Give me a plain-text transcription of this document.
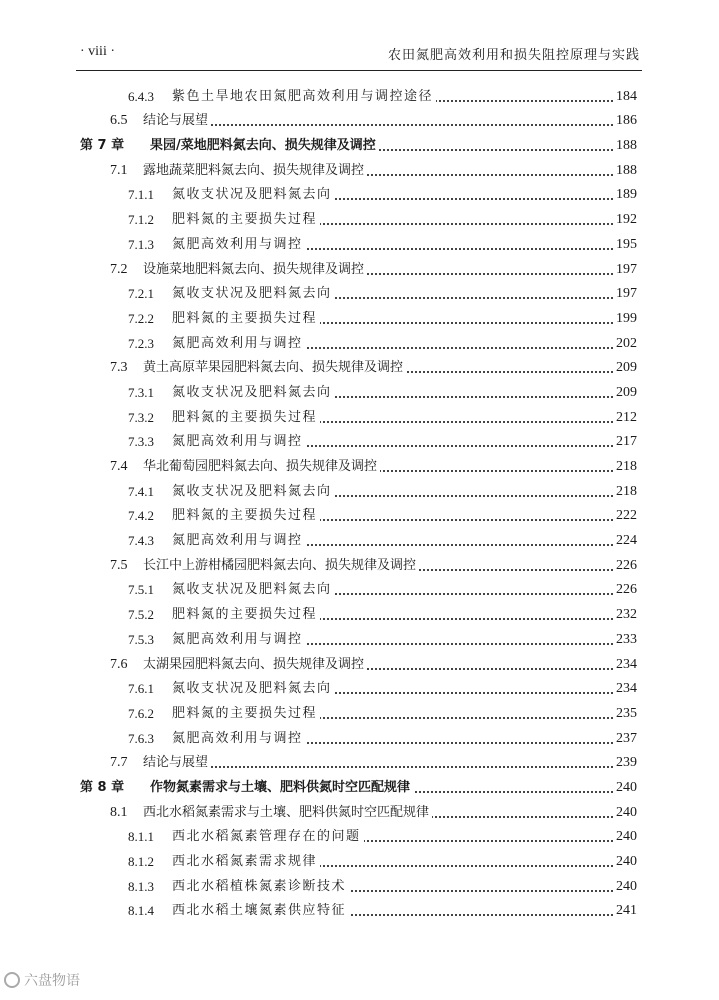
· viii ·	农田氮肥高效利用和损失阻控原理与实践
6.4.3 紫色土旱地农田氮肥高效利用与调控途径	184
6.5 结论与展望	186
第 7 章 果园/菜地肥料氮去向、损失规律及调控	188
7.1 露地蔬菜肥料氮去向、损失规律及调控	188
7.1.1 氮收支状况及肥料氮去向	189
7.1.2 肥料氮的主要损失过程	192
7.1.3 氮肥高效利用与调控	195
7.2 设施菜地肥料氮去向、损失规律及调控	197
7.2.1 氮收支状况及肥料氮去向	197
7.2.2 肥料氮的主要损失过程	199
7.2.3 氮肥高效利用与调控	202
7.3 黄土高原苹果园肥料氮去向、损失规律及调控	209
7.3.1 氮收支状况及肥料氮去向	209
7.3.2 肥料氮的主要损失过程	212
7.3.3 氮肥高效利用与调控	217
7.4 华北葡萄园肥料氮去向、损失规律及调控	218
7.4.1 氮收支状况及肥料氮去向	218
7.4.2 肥料氮的主要损失过程	222
7.4.3 氮肥高效利用与调控	224
7.5 长江中上游柑橘园肥料氮去向、损失规律及调控	226
7.5.1 氮收支状况及肥料氮去向	226
7.5.2 肥料氮的主要损失过程	232
7.5.3 氮肥高效利用与调控	233
7.6 太湖果园肥料氮去向、损失规律及调控	234
7.6.1 氮收支状况及肥料氮去向	234
7.6.2 肥料氮的主要损失过程	235
7.6.3 氮肥高效利用与调控	237
7.7 结论与展望	239
第 8 章 作物氮素需求与土壤、肥料供氮时空匹配规律	240
8.1 西北水稻氮素需求与土壤、肥料供氮时空匹配规律	240
8.1.1 西北水稻氮素管理存在的问题	240
8.1.2 西北水稻氮素需求规律	240
8.1.3 西北水稻植株氮素诊断技术	240
8.1.4 西北水稻土壤氮素供应特征	241
六盘物语
